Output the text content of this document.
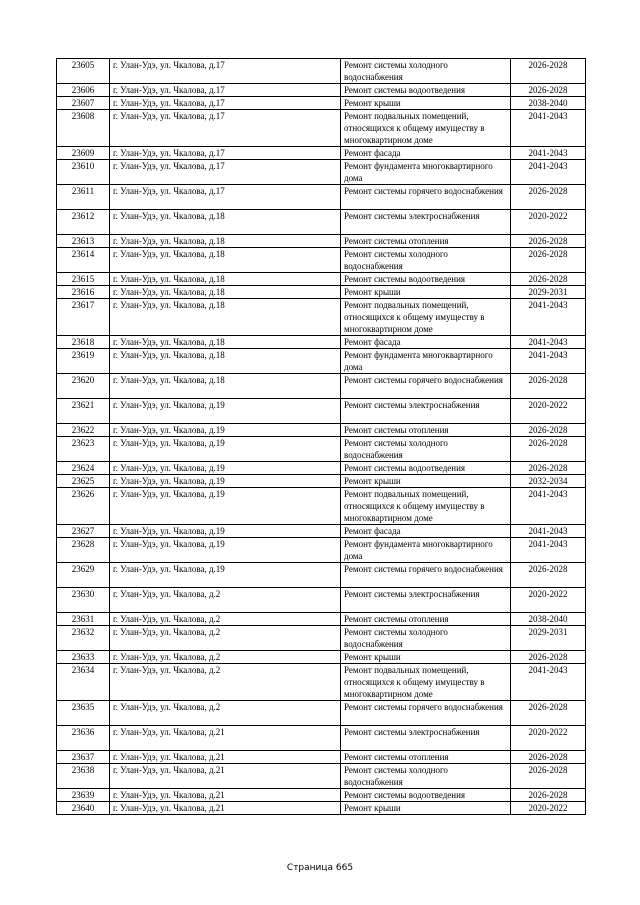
23605	г. Улан-Удэ, ул. Чкалова, д.17	Ремонт системы холодного водоснабжения	2026-2028
23606	г. Улан-Удэ, ул. Чкалова, д.17	Ремонт системы водоотведения	2026-2028
23607	г. Улан-Удэ, ул. Чкалова, д.17	Ремонт крыши	2038-2040
23608	г. Улан-Удэ, ул. Чкалова, д.17	Ремонт подвальных помещений, относящихся к общему имуществу в многоквартирном доме	2041-2043
23609	г. Улан-Удэ, ул. Чкалова, д.17	Ремонт фасада	2041-2043
23610	г. Улан-Удэ, ул. Чкалова, д.17	Ремонт фундамента многоквартирного дома	2041-2043
23611	г. Улан-Удэ, ул. Чкалова, д.17	Ремонт системы горячего водоснабжения	2026-2028
23612	г. Улан-Удэ, ул. Чкалова, д.18	Ремонт системы электроснабжения	2020-2022
23613	г. Улан-Удэ, ул. Чкалова, д.18	Ремонт системы отопления	2026-2028
23614	г. Улан-Удэ, ул. Чкалова, д.18	Ремонт системы холодного водоснабжения	2026-2028
23615	г. Улан-Удэ, ул. Чкалова, д.18	Ремонт системы водоотведения	2026-2028
23616	г. Улан-Удэ, ул. Чкалова, д.18	Ремонт крыши	2029-2031
23617	г. Улан-Удэ, ул. Чкалова, д.18	Ремонт подвальных помещений, относящихся к общему имуществу в многоквартирном доме	2041-2043
23618	г. Улан-Удэ, ул. Чкалова, д.18	Ремонт фасада	2041-2043
23619	г. Улан-Удэ, ул. Чкалова, д.18	Ремонт фундамента многоквартирного дома	2041-2043
23620	г. Улан-Удэ, ул. Чкалова, д.18	Ремонт системы горячего водоснабжения	2026-2028
23621	г. Улан-Удэ, ул. Чкалова, д.19	Ремонт системы электроснабжения	2020-2022
23622	г. Улан-Удэ, ул. Чкалова, д.19	Ремонт системы отопления	2026-2028
23623	г. Улан-Удэ, ул. Чкалова, д.19	Ремонт системы холодного водоснабжения	2026-2028
23624	г. Улан-Удэ, ул. Чкалова, д.19	Ремонт системы водоотведения	2026-2028
23625	г. Улан-Удэ, ул. Чкалова, д.19	Ремонт крыши	2032-2034
23626	г. Улан-Удэ, ул. Чкалова, д.19	Ремонт подвальных помещений, относящихся к общему имуществу в многоквартирном доме	2041-2043
23627	г. Улан-Удэ, ул. Чкалова, д.19	Ремонт фасада	2041-2043
23628	г. Улан-Удэ, ул. Чкалова, д.19	Ремонт фундамента многоквартирного дома	2041-2043
23629	г. Улан-Удэ, ул. Чкалова, д.19	Ремонт системы горячего водоснабжения	2026-2028
23630	г. Улан-Удэ, ул. Чкалова, д.2	Ремонт системы электроснабжения	2020-2022
23631	г. Улан-Удэ, ул. Чкалова, д.2	Ремонт системы отопления	2038-2040
23632	г. Улан-Удэ, ул. Чкалова, д.2	Ремонт системы холодного водоснабжения	2029-2031
23633	г. Улан-Удэ, ул. Чкалова, д.2	Ремонт крыши	2026-2028
23634	г. Улан-Удэ, ул. Чкалова, д.2	Ремонт подвальных помещений, относящихся к общему имуществу в многоквартирном доме	2041-2043
23635	г. Улан-Удэ, ул. Чкалова, д.2	Ремонт системы горячего водоснабжения	2026-2028
23636	г. Улан-Удэ, ул. Чкалова, д.21	Ремонт системы электроснабжения	2020-2022
23637	г. Улан-Удэ, ул. Чкалова, д.21	Ремонт системы отопления	2026-2028
23638	г. Улан-Удэ, ул. Чкалова, д.21	Ремонт системы холодного водоснабжения	2026-2028
23639	г. Улан-Удэ, ул. Чкалова, д.21	Ремонт системы водоотведения	2026-2028
23640	г. Улан-Удэ, ул. Чкалова, д.21	Ремонт крыши	2020-2022
Страница 665
